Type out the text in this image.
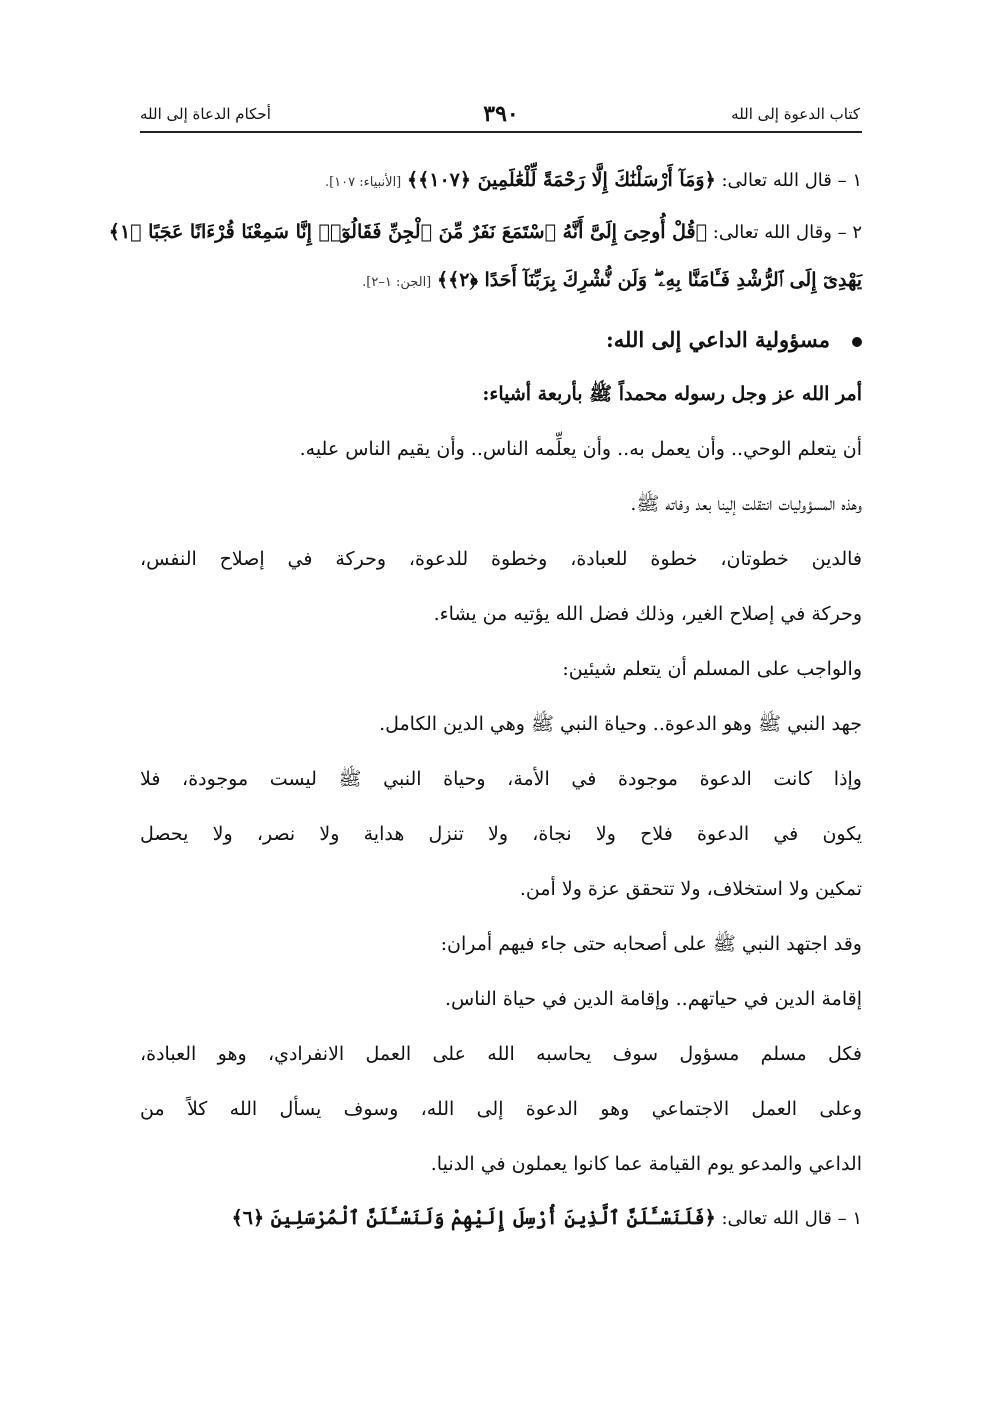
كتاب الدعوة إلى الله
٣٩٠
أحكام الدعاة إلى الله
١ – قال الله تعالى: ﴿وَمَآ أَرْسَلْنَٰكَ إِلَّا رَحْمَةً لِّلْعَٰلَمِينَ ﴿١٠٧﴾﴾ [الأنبياء: ١٠٧].
٢ – وقال الله تعالى: ﴿قُلْ أُوحِىَ إِلَىَّ أَنَّهُ ٱسْتَمَعَ نَفَرٌ مِّنَ ٱلْجِنِّ فَقَالُوٓا۟ إِنَّا سَمِعْنَا قُرْءَانًا عَجَبًا ﴿١﴾
يَهْدِىٓ إِلَى ٱلرُّشْدِ فَـَٔامَنَّا بِهِۦ ۖ وَلَن نُّشْرِكَ بِرَبِّنَآ أَحَدًا ﴿٢﴾﴾ [الجن: ١–٢].
مسؤولية الداعي إلى الله:
أمر الله عز وجل رسوله محمداً ﷺ بأربعة أشياء:
أن يتعلم الوحي.. وأن يعمل به.. وأن يعلِّمه الناس.. وأن يقيم الناس عليه.
وهذه المسؤوليات انتقلت إلينا بعد وفاته ﷺ.
فالدين خطوتان، خطوة للعبادة، وخطوة للدعوة، وحركة في إصلاح النفس،
وحركة في إصلاح الغير، وذلك فضل الله يؤتيه من يشاء.
والواجب على المسلم أن يتعلم شيئين:
جهد النبي ﷺ وهو الدعوة.. وحياة النبي ﷺ وهي الدين الكامل.
وإذا كانت الدعوة موجودة في الأمة، وحياة النبي ﷺ ليست موجودة، فلا
يكون في الدعوة فلاح ولا نجاة، ولا تنزل هداية ولا نصر، ولا يحصل
تمكين ولا استخلاف، ولا تتحقق عزة ولا أمن.
وقد اجتهد النبي ﷺ على أصحابه حتى جاء فيهم أمران:
إقامة الدين في حياتهم.. وإقامة الدين في حياة الناس.
فكل مسلم مسؤول سوف يحاسبه الله على العمل الانفرادي، وهو العبادة،
وعلى العمل الاجتماعي وهو الدعوة إلى الله، وسوف يسأل الله كلاً من
الداعي والمدعو يوم القيامة عما كانوا يعملون في الدنيا.
١ – قال الله تعالى: ﴿فَلَنَسْـَٔلَنَّ ٱلَّذِينَ أُرْسِلَ إِلَيْهِمْ وَلَنَسْـَٔلَنَّ ٱلْمُرْسَلِينَ ﴿٦﴾
